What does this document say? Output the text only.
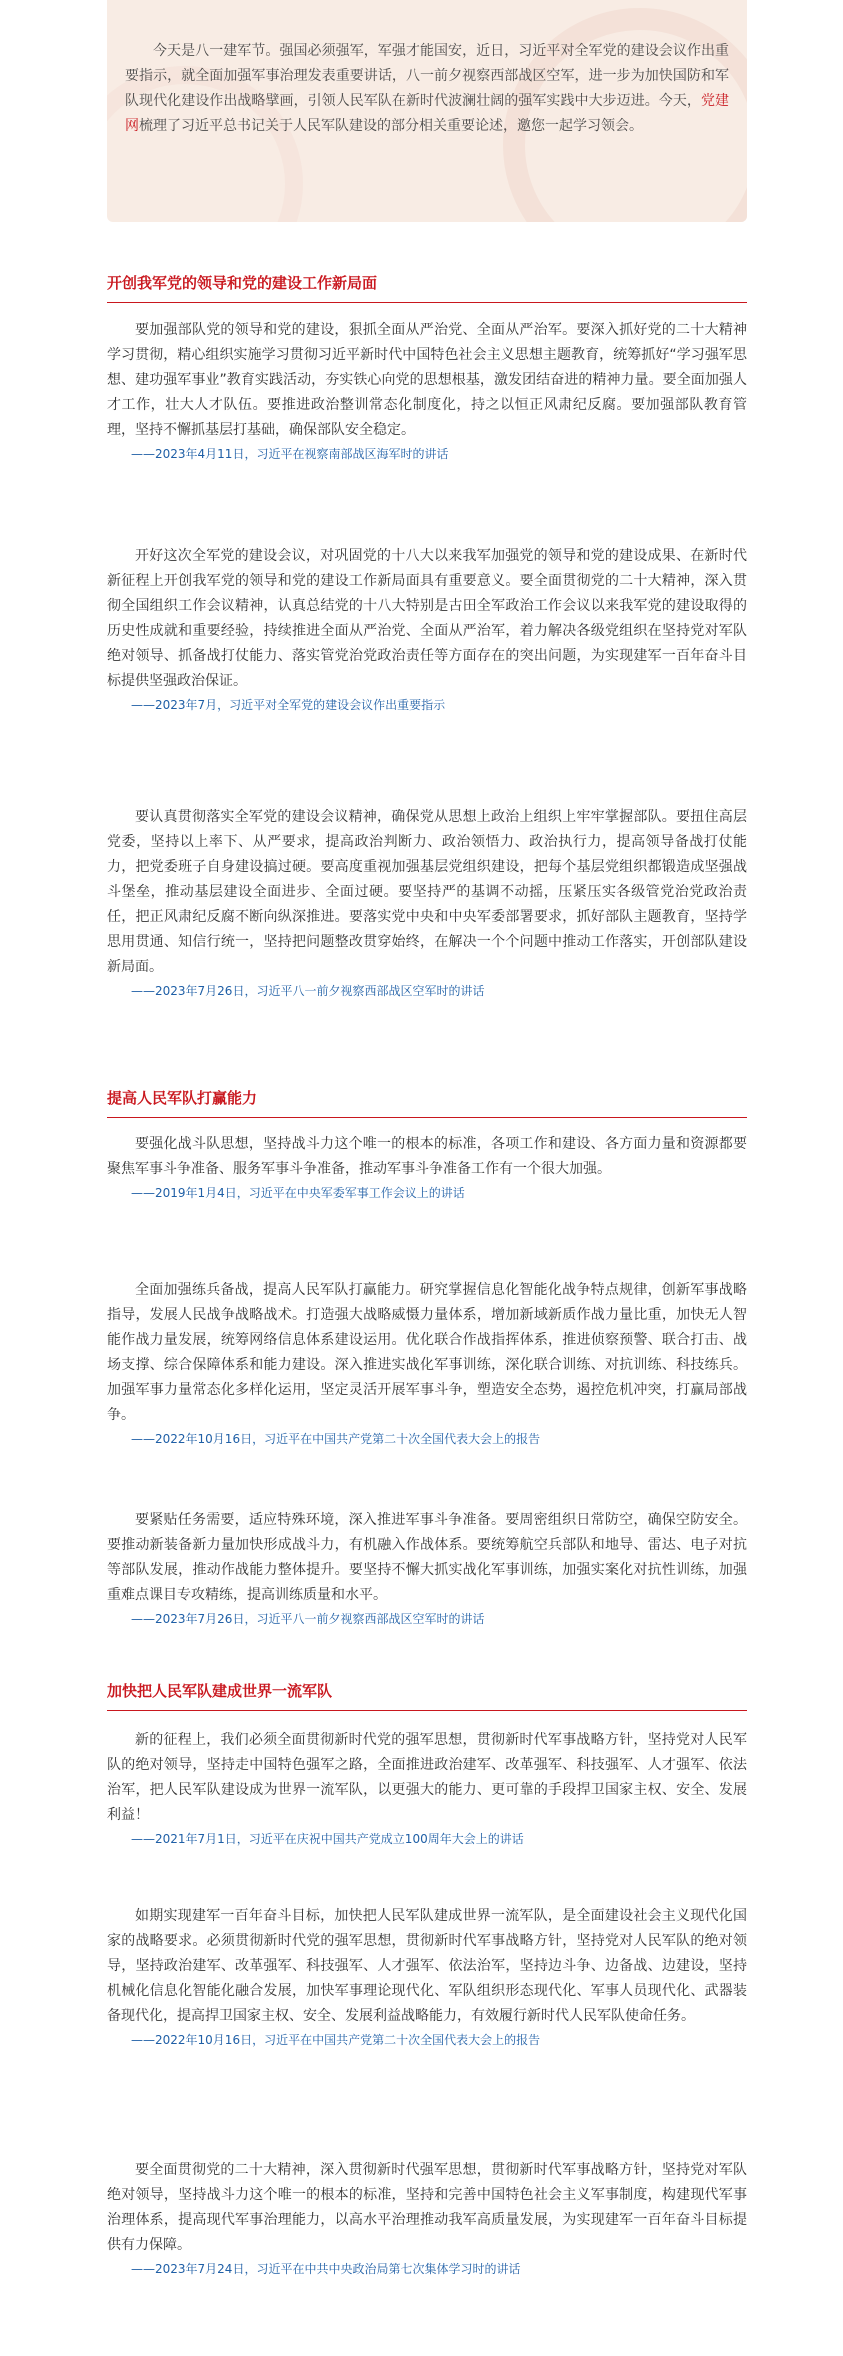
今天是八一建军节。强国必须强军，军强才能国安，近日，习近平对全军党的建设会议作出重要指示，就全面加强军事治理发表重要讲话，八一前夕视察西部战区空军，进一步为加快国防和军队现代化建设作出战略擘画，引领人民军队在新时代波澜壮阔的强军实践中大步迈进。今天，党建网梳理了习近平总书记关于人民军队建设的部分相关重要论述，邀您一起学习领会。

开创我军党的领导和党的建设工作新局面

要加强部队党的领导和党的建设，狠抓全面从严治党、全面从严治军。要深入抓好党的二十大精神学习贯彻，精心组织实施学习贯彻习近平新时代中国特色社会主义思想主题教育，统筹抓好“学习强军思想、建功强军事业”教育实践活动，夯实铁心向党的思想根基，激发团结奋进的精神力量。要全面加强人才工作，壮大人才队伍。要推进政治整训常态化制度化，持之以恒正风肃纪反腐。要加强部队教育管理，坚持不懈抓基层打基础，确保部队安全稳定。

——2023年4月11日，习近平在视察南部战区海军时的讲话

开好这次全军党的建设会议，对巩固党的十八大以来我军加强党的领导和党的建设成果、在新时代新征程上开创我军党的领导和党的建设工作新局面具有重要意义。要全面贯彻党的二十大精神，深入贯彻全国组织工作会议精神，认真总结党的十八大特别是古田全军政治工作会议以来我军党的建设取得的历史性成就和重要经验，持续推进全面从严治党、全面从严治军，着力解决各级党组织在坚持党对军队绝对领导、抓备战打仗能力、落实管党治党政治责任等方面存在的突出问题，为实现建军一百年奋斗目标提供坚强政治保证。

——2023年7月，习近平对全军党的建设会议作出重要指示

要认真贯彻落实全军党的建设会议精神，确保党从思想上政治上组织上牢牢掌握部队。要扭住高层党委，坚持以上率下、从严要求，提高政治判断力、政治领悟力、政治执行力，提高领导备战打仗能力，把党委班子自身建设搞过硬。要高度重视加强基层党组织建设，把每个基层党组织都锻造成坚强战斗堡垒，推动基层建设全面进步、全面过硬。要坚持严的基调不动摇，压紧压实各级管党治党政治责任，把正风肃纪反腐不断向纵深推进。要落实党中央和中央军委部署要求，抓好部队主题教育，坚持学思用贯通、知信行统一，坚持把问题整改贯穿始终，在解决一个个问题中推动工作落实，开创部队建设新局面。

——2023年7月26日，习近平八一前夕视察西部战区空军时的讲话

提高人民军队打赢能力

要强化战斗队思想，坚持战斗力这个唯一的根本的标准，各项工作和建设、各方面力量和资源都要聚焦军事斗争准备、服务军事斗争准备，推动军事斗争准备工作有一个很大加强。

——2019年1月4日，习近平在中央军委军事工作会议上的讲话

全面加强练兵备战，提高人民军队打赢能力。研究掌握信息化智能化战争特点规律，创新军事战略指导，发展人民战争战略战术。打造强大战略威慑力量体系，增加新域新质作战力量比重，加快无人智能作战力量发展，统筹网络信息体系建设运用。优化联合作战指挥体系，推进侦察预警、联合打击、战场支撑、综合保障体系和能力建设。深入推进实战化军事训练，深化联合训练、对抗训练、科技练兵。加强军事力量常态化多样化运用，坚定灵活开展军事斗争，塑造安全态势，遏控危机冲突，打赢局部战争。

——2022年10月16日，习近平在中国共产党第二十次全国代表大会上的报告

要紧贴任务需要，适应特殊环境，深入推进军事斗争准备。要周密组织日常防空，确保空防安全。要推动新装备新力量加快形成战斗力，有机融入作战体系。要统筹航空兵部队和地导、雷达、电子对抗等部队发展，推动作战能力整体提升。要坚持不懈大抓实战化军事训练，加强实案化对抗性训练，加强重难点课目专攻精练，提高训练质量和水平。

——2023年7月26日，习近平八一前夕视察西部战区空军时的讲话

加快把人民军队建成世界一流军队

新的征程上，我们必须全面贯彻新时代党的强军思想，贯彻新时代军事战略方针，坚持党对人民军队的绝对领导，坚持走中国特色强军之路，全面推进政治建军、改革强军、科技强军、人才强军、依法治军，把人民军队建设成为世界一流军队，以更强大的能力、更可靠的手段捍卫国家主权、安全、发展利益！

——2021年7月1日，习近平在庆祝中国共产党成立100周年大会上的讲话

如期实现建军一百年奋斗目标，加快把人民军队建成世界一流军队，是全面建设社会主义现代化国家的战略要求。必须贯彻新时代党的强军思想，贯彻新时代军事战略方针，坚持党对人民军队的绝对领导，坚持政治建军、改革强军、科技强军、人才强军、依法治军，坚持边斗争、边备战、边建设，坚持机械化信息化智能化融合发展，加快军事理论现代化、军队组织形态现代化、军事人员现代化、武器装备现代化，提高捍卫国家主权、安全、发展利益战略能力，有效履行新时代人民军队使命任务。

——2022年10月16日，习近平在中国共产党第二十次全国代表大会上的报告

要全面贯彻党的二十大精神，深入贯彻新时代强军思想，贯彻新时代军事战略方针，坚持党对军队绝对领导，坚持战斗力这个唯一的根本的标准，坚持和完善中国特色社会主义军事制度，构建现代军事治理体系，提高现代军事治理能力，以高水平治理推动我军高质量发展，为实现建军一百年奋斗目标提供有力保障。

——2023年7月24日，习近平在中共中央政治局第七次集体学习时的讲话
